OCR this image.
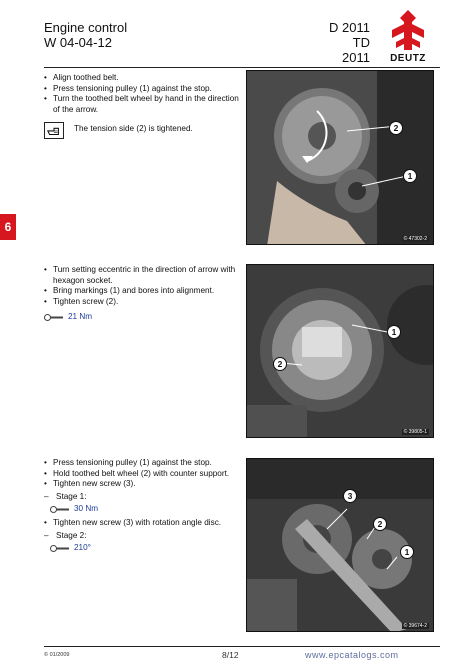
Engine control
W 04-04-12
D 2011
TD 2011	DEUTZ
6
• Align toothed belt.
• Press tensioning pulley (1) against the stop.
• Turn the toothed belt wheel by hand in the direction
of the arrow.
The tension side (2) is tightened.	2
1
© 47302-2
• Turn setting eccentric in the direction of arrow with
hexagon socket.
• Bring markings (1) and bores into alignment.
• Tighten screw (2).
21 Nm
1
2
© 39805-1
• Press tensioning pulley (1) against the stop.
• Hold toothed belt wheel (2) with counter support.
• Tighten new screw (3).
– Stage 1:
30 Nm
• Tighten new screw (3) with rotation angle disc.
– Stage 2:
210°
3
2
1
© 39674-2
© 01/2009	8/12	www.epcatalogs.com
